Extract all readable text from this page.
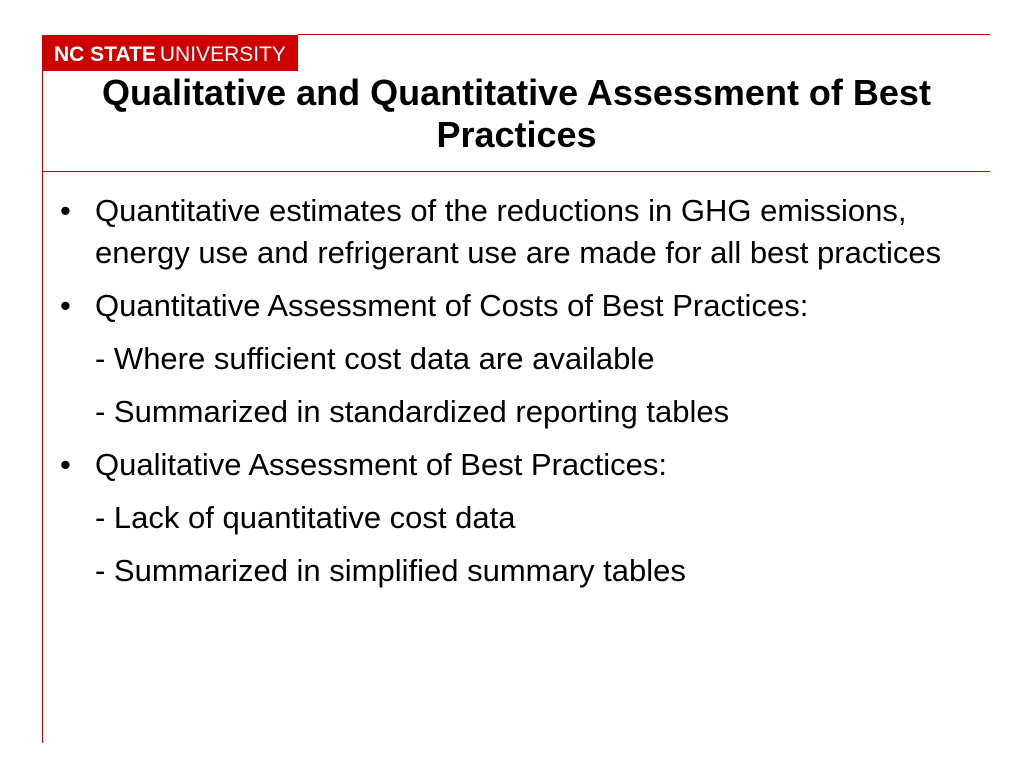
NC STATE UNIVERSITY
Qualitative and Quantitative Assessment of Best Practices
• Quantitative estimates of the reductions in GHG emissions, energy use and refrigerant use are made for all best practices
• Quantitative Assessment of Costs of Best Practices:
- Where sufficient cost data are available
- Summarized in standardized reporting tables
• Qualitative Assessment of Best Practices:
- Lack of quantitative cost data
- Summarized in simplified summary tables
